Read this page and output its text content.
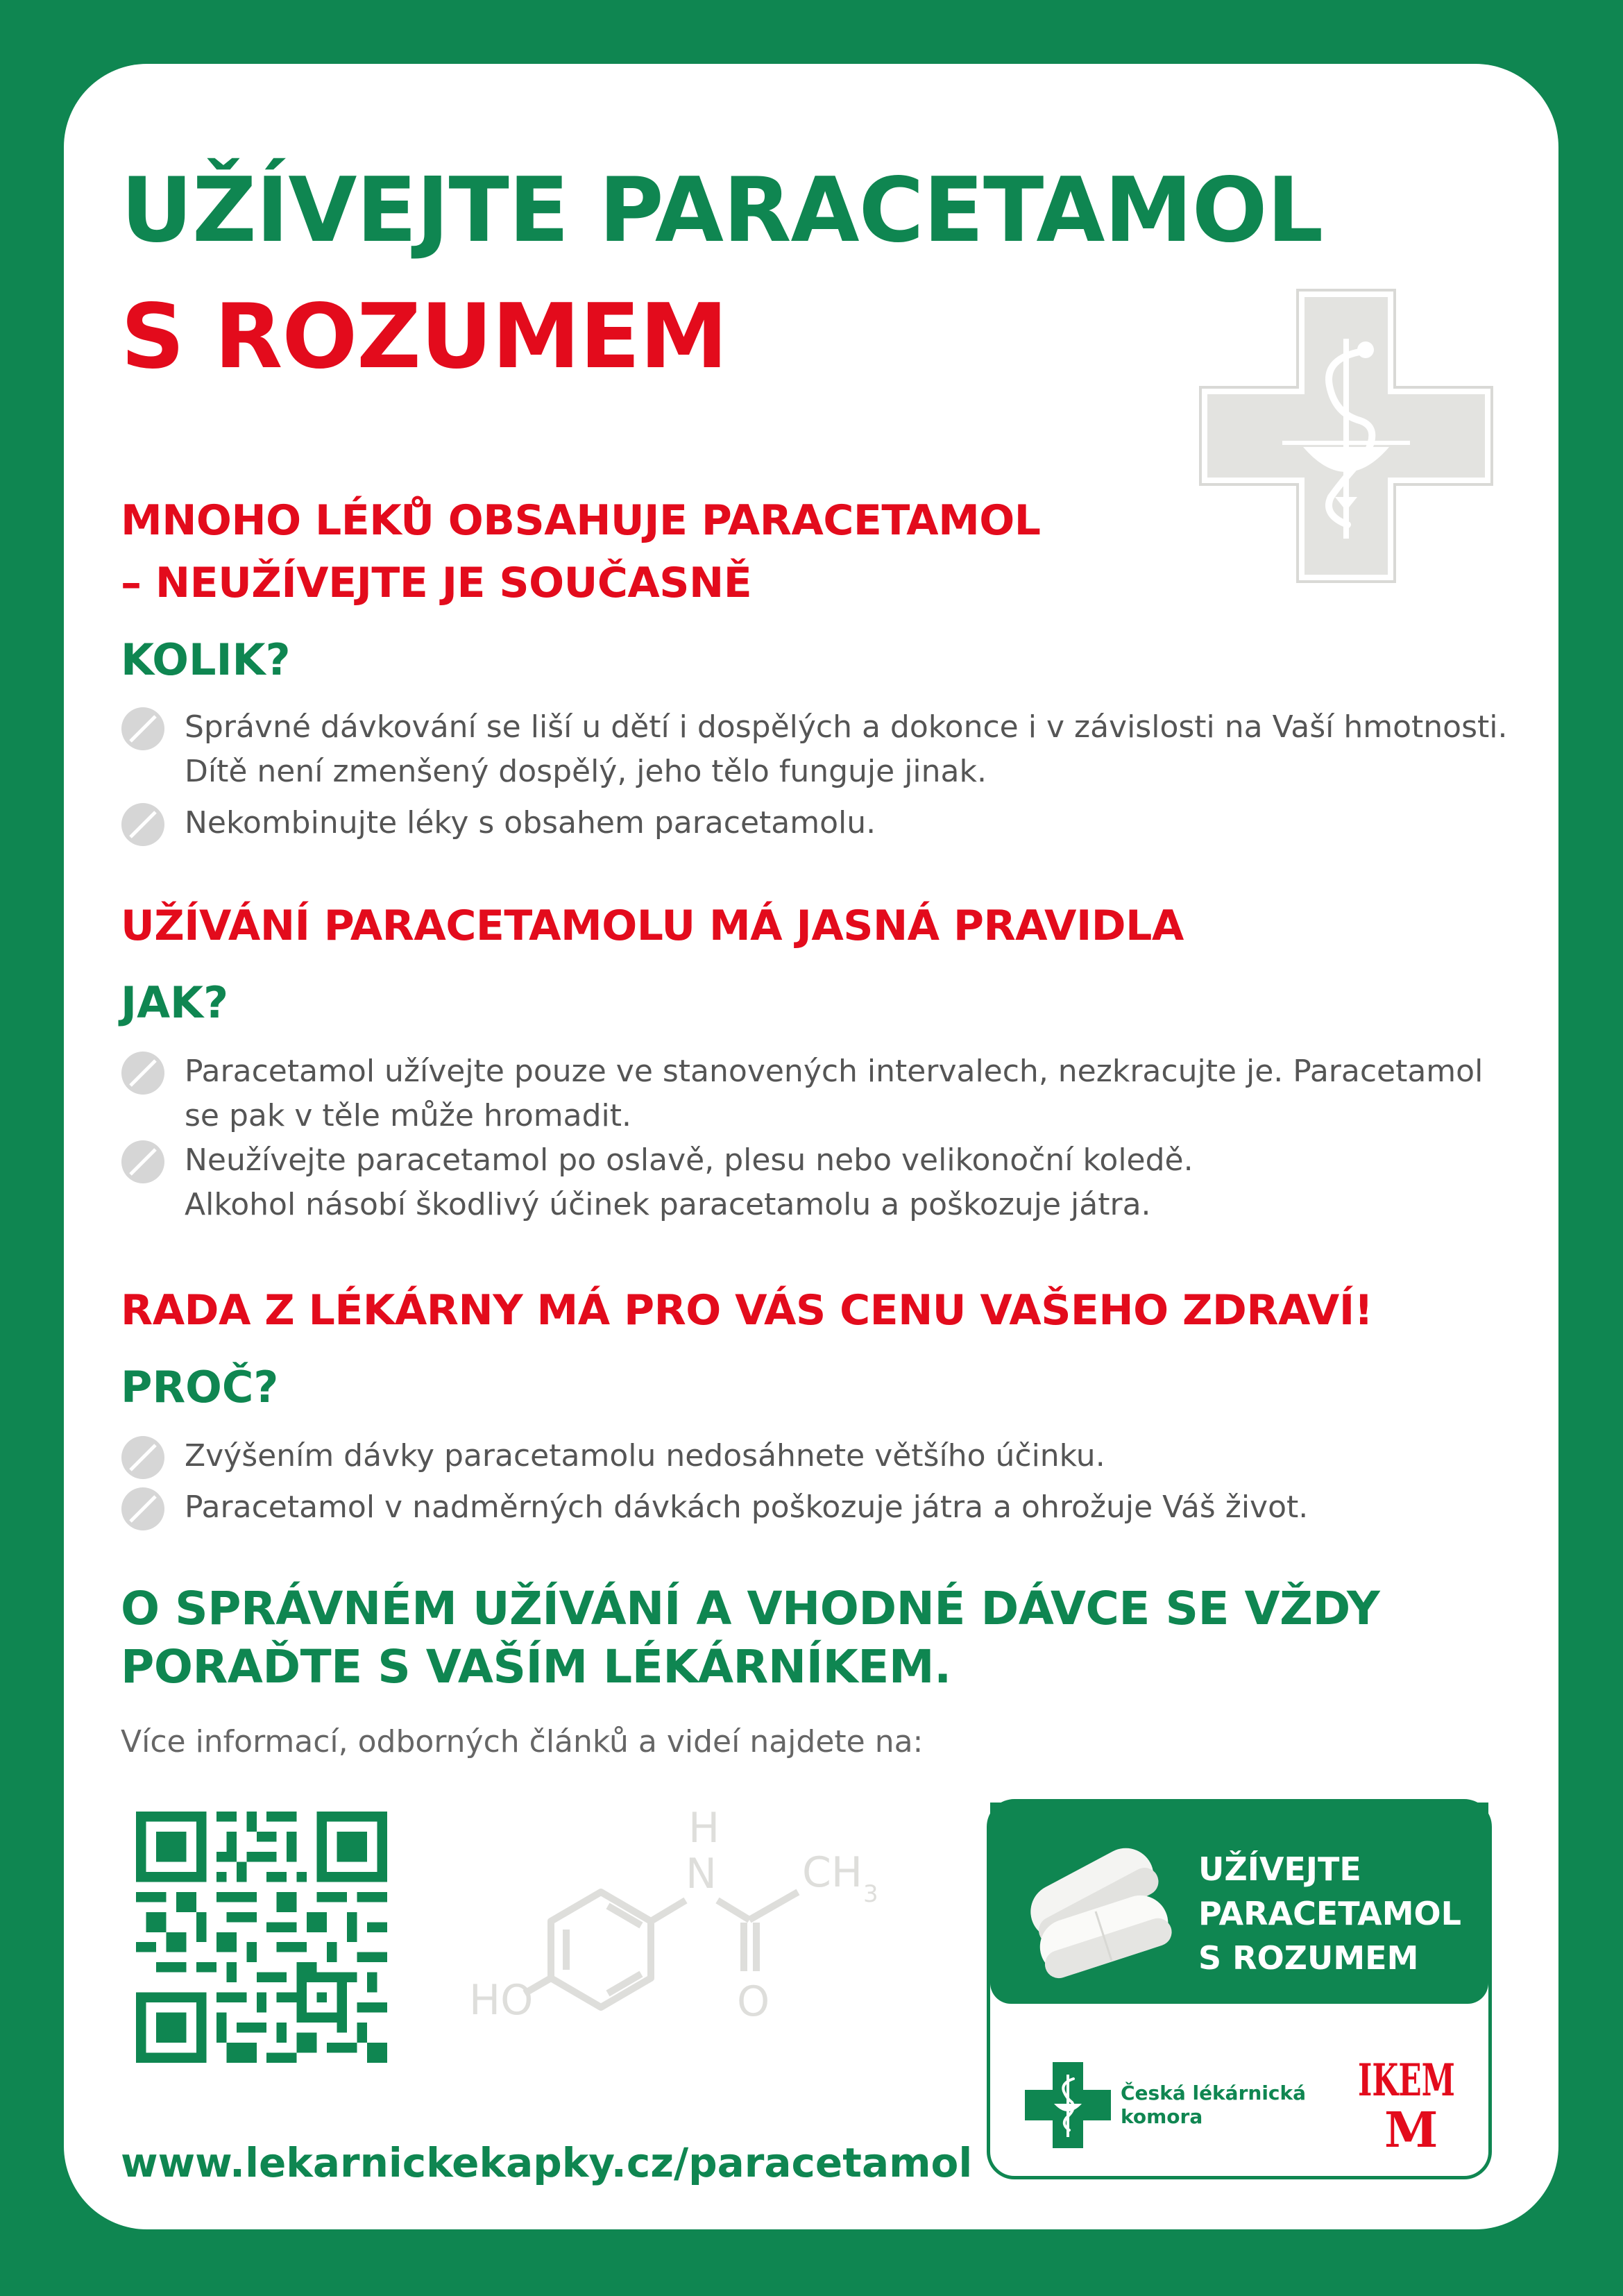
UŽÍVEJTE PARACETAMOL
S ROZUMEM
MNOHO LÉKŮ OBSAHUJE PARACETAMOL
– NEUŽÍVEJTE JE SOUČASNĚ
KOLIK?
Správné dávkování se liší u dětí i dospělých a dokonce i v závislosti na Vaší hmotnosti.
Dítě není zmenšený dospělý, jeho tělo funguje jinak.
Nekombinujte léky s obsahem paracetamolu.
UŽÍVÁNÍ PARACETAMOLU MÁ JASNÁ PRAVIDLA
JAK?
Paracetamol užívejte pouze ve stanovených intervalech, nezkracujte je. Paracetamol
se pak v těle může hromadit.
Neužívejte paracetamol po oslavě, plesu nebo velikonoční koledě.
Alkohol násobí škodlivý účinek paracetamolu a poškozuje játra.
RADA Z LÉKÁRNY MÁ PRO VÁS CENU VAŠEHO ZDRAVÍ!
PROČ?
Zvýšením dávky paracetamolu nedosáhnete většího účinku.
Paracetamol v nadměrných dávkách poškozuje játra a ohrožuje Váš život.
O SPRÁVNÉM UŽÍVÁNÍ A VHODNÉ DÁVCE SE VŽDY
PORAĎTE S VAŠÍM LÉKÁRNÍKEM.
Více informací, odborných článků a videí najdete na:
H
N CH 3
O
HO
www.lekarnickekapky.cz/paracetamol
UŽÍVEJTE
PARACETAMOL
S ROZUMEM
Česká lékárnická
komora
IKEM
M
